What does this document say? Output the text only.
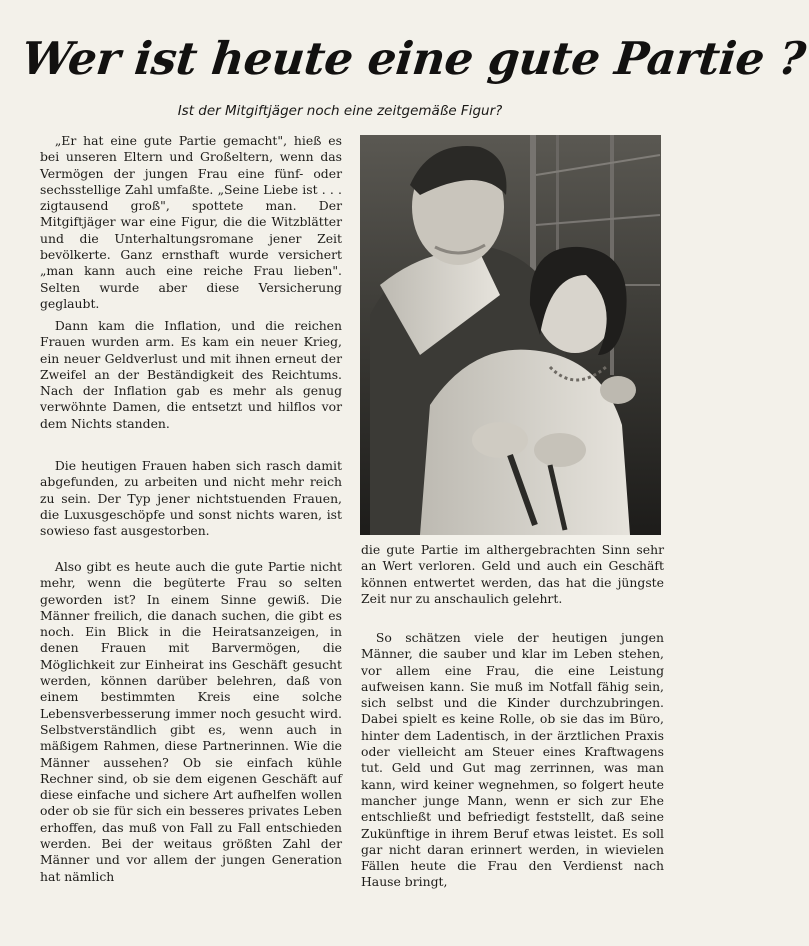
Wer ist heute eine gute Partie ?
Ist der Mitgiftjäger noch eine zeitgemäße Figur?

„Er hat eine gute Partie gemacht", hieß es bei unseren Eltern und Großeltern, wenn das Vermögen der jungen Frau eine fünf- oder sechsstellige Zahl umfaßte. „Seine Liebe ist . . . zigtausend groß", spottete man. Der Mitgiftjäger war eine Figur, die die Witzblätter und die Unterhaltungsromane jener Zeit bevölkerte. Ganz ernsthaft wurde versichert „man kann auch eine reiche Frau lieben". Selten wurde aber diese Versicherung geglaubt.

Dann kam die Inflation, und die reichen Frauen wurden arm. Es kam ein neuer Krieg, ein neuer Geldverlust und mit ihnen erneut der Zweifel an der Beständigkeit des Reichtums. Nach der Inflation gab es mehr als genug verwöhnte Damen, die entsetzt und hilflos vor dem Nichts standen.

Die heutigen Frauen haben sich rasch damit abgefunden, zu arbeiten und nicht mehr reich zu sein. Der Typ jener nichtstuenden Frauen, die Luxusgeschöpfe und sonst nichts waren, ist sowieso fast ausgestorben.

Also gibt es heute auch die gute Partie nicht mehr, wenn die begüterte Frau so selten geworden ist? In einem Sinne gewiß. Die Männer freilich, die danach suchen, die gibt es noch. Ein Blick in die Heiratsanzeigen, in denen Frauen mit Barvermögen, die Möglichkeit zur Einheirat ins Geschäft gesucht werden, können darüber belehren, daß von einem bestimmten Kreis eine solche Lebensverbesserung immer noch gesucht wird. Selbstverständlich gibt es, wenn auch in mäßigem Rahmen, diese Partnerinnen. Wie die Männer aussehen? Ob sie einfach kühle Rechner sind, ob sie dem eigenen Geschäft auf diese einfache und sichere Art aufhelfen wollen oder ob sie für sich ein besseres privates Leben erhoffen, das muß von Fall zu Fall entschieden werden. Bei der weitaus größten Zahl der Männer und vor allem der jungen Generation hat nämlich

die gute Partie im althergebrachten Sinn sehr an Wert verloren. Geld und auch ein Geschäft können entwertet werden, das hat die jüngste Zeit nur zu anschaulich gelehrt.

So schätzen viele der heutigen jungen Männer, die sauber und klar im Leben stehen, vor allem eine Frau, die eine Leistung aufweisen kann. Sie muß im Notfall fähig sein, sich selbst und die Kinder durchzubringen. Dabei spielt es keine Rolle, ob sie das im Büro, hinter dem Ladentisch, in der ärztlichen Praxis oder vielleicht am Steuer eines Kraftwagens tut. Geld und Gut mag zerrinnen, was man kann, wird keiner wegnehmen, so folgert heute mancher junge Mann, wenn er sich zur Ehe entschließt und befriedigt feststellt, daß seine Zukünftige in ihrem Beruf etwas leistet. Es soll gar nicht daran erinnert werden, in wievielen Fällen heute die Frau den Verdienst nach Hause bringt,
